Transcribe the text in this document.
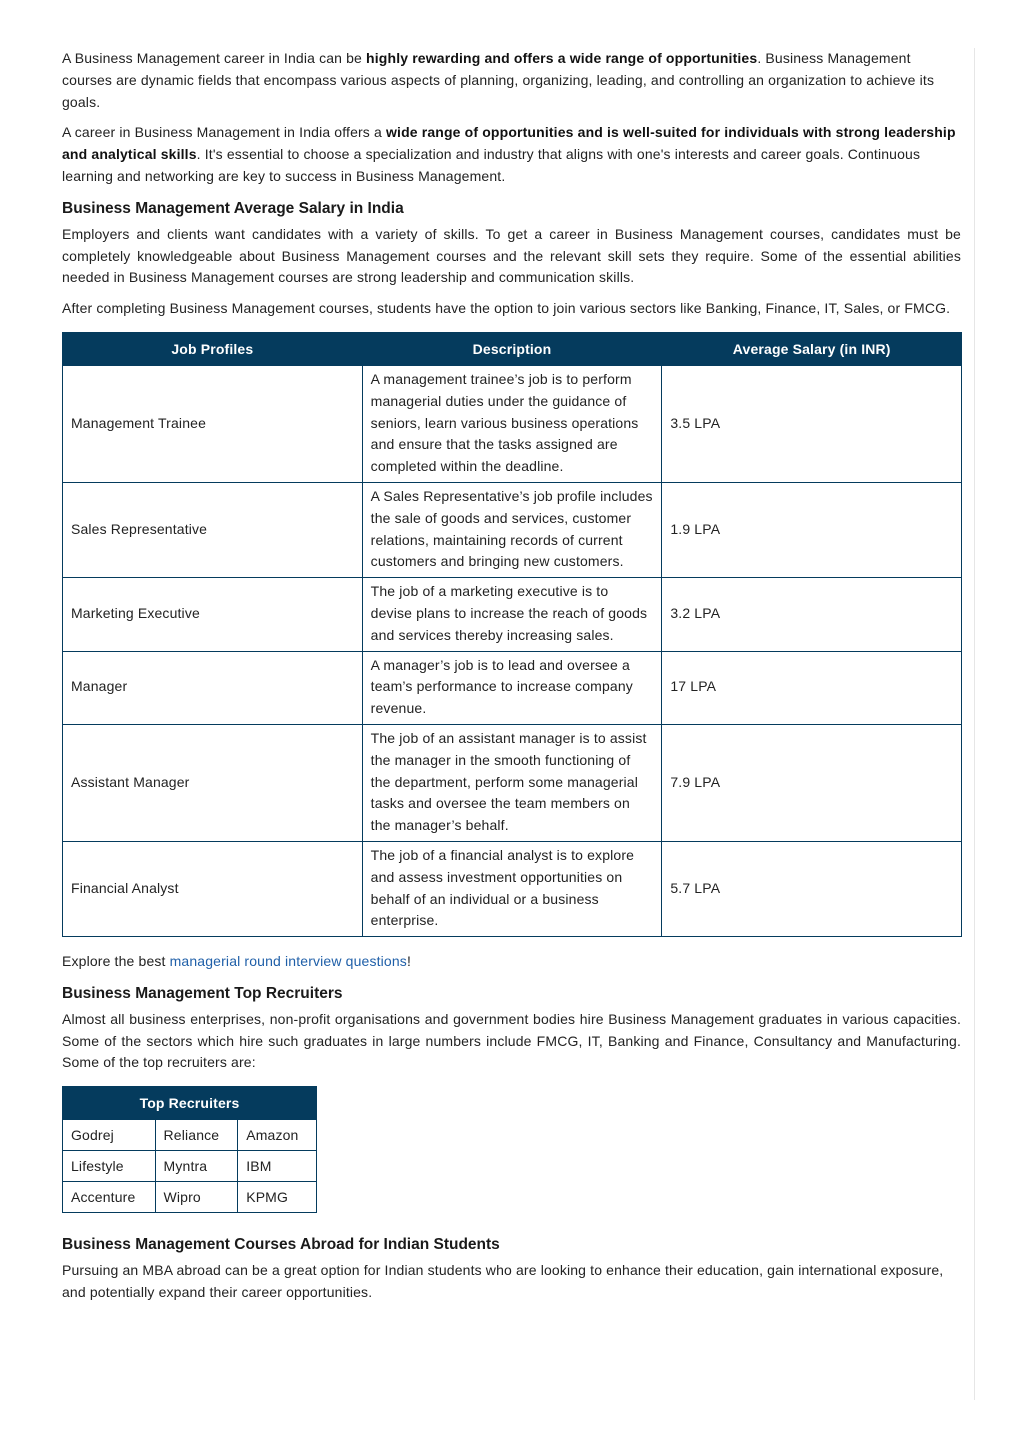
A Business Management career in India can be highly rewarding and offers a wide range of opportunities. Business Management courses are dynamic fields that encompass various aspects of planning, organizing, leading, and controlling an organization to achieve its goals.

A career in Business Management in India offers a wide range of opportunities and is well-suited for individuals with strong leadership and analytical skills. It's essential to choose a specialization and industry that aligns with one's interests and career goals. Continuous learning and networking are key to success in Business Management.

Business Management Average Salary in India

Employers and clients want candidates with a variety of skills. To get a career in Business Management courses, candidates must be completely knowledgeable about Business Management courses and the relevant skill sets they require. Some of the essential abilities needed in Business Management courses are strong leadership and communication skills.

After completing Business Management courses, students have the option to join various sectors like Banking, Finance, IT, Sales, or FMCG.

Job Profiles	Description	Average Salary (in INR)
Management Trainee	A management trainee’s job is to perform managerial duties under the guidance of seniors, learn various business operations and ensure that the tasks assigned are completed within the deadline.	3.5 LPA
Sales Representative	A Sales Representative’s job profile includes the sale of goods and services, customer relations, maintaining records of current customers and bringing new customers.	1.9 LPA
Marketing Executive	The job of a marketing executive is to devise plans to increase the reach of goods and services thereby increasing sales.	3.2 LPA
Manager	A manager’s job is to lead and oversee a team’s performance to increase company revenue.	17 LPA
Assistant Manager	The job of an assistant manager is to assist the manager in the smooth functioning of the department, perform some managerial tasks and oversee the team members on the manager’s behalf.	7.9 LPA
Financial Analyst	The job of a financial analyst is to explore and assess investment opportunities on behalf of an individual or a business enterprise.	5.7 LPA

Explore the best managerial round interview questions!

Business Management Top Recruiters

Almost all business enterprises, non-profit organisations and government bodies hire Business Management graduates in various capacities. Some of the sectors which hire such graduates in large numbers include FMCG, IT, Banking and Finance, Consultancy and Manufacturing. Some of the top recruiters are:

Top Recruiters		
Godrej	Reliance	Amazon
Lifestyle	Myntra	IBM
Accenture	Wipro	KPMG
Business Management Courses Abroad for Indian Students

Pursuing an MBA abroad can be a great option for Indian students who are looking to enhance their education, gain international exposure, and potentially expand their career opportunities.
